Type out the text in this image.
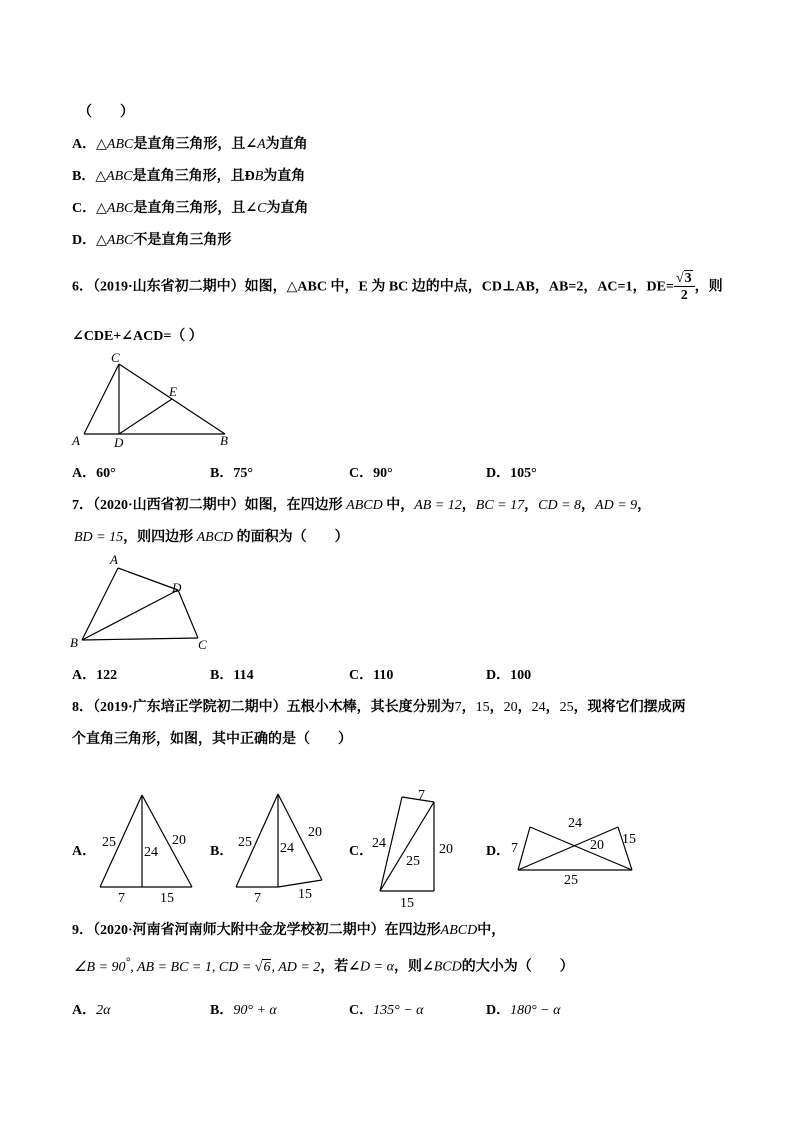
（　　）
A．△ABC是直角三角形，且∠A为直角
B．△ABC是直角三角形，且ÐB为直角
C．△ABC是直角三角形，且∠C为直角
D．△ABC不是直角三角形
6．（2019·山东省初二期中）如图，△ABC 中，E 为 BC 边的中点，CD⊥AB，AB=2，AC=1，$DE= \frac{√3}{2}$ ，则
∠CDE+∠ACD=（ ）
C
A	D	B
E
A．60°	B．75°	C．90°	D．105°
7．（2020·山西省初二期中）如图，在四边形 ABCD 中，AB = 12，BC = 17，CD = 8，AD = 9，
BD = 15，则四边形 ABCD 的面积为（　　）
A
D
B	C
A．122	B．114	C．110	D．100
8．（2019·广东培正学院初二期中）五根小木棒，其长度分别为7，15，20，24，25，现将它们摆成两
个直角三角形，如图，其中正确的是（　　）
A．	B．	C．	D．
25
24
20
7	15
25 24
20
7	15
7
24
25
20
15
7
24
20 15
25
9．（2020·河南省河南师大附中金龙学校初二期中）在四边形ABCD中，
∠B = 90°, AB = BC = 1, CD = √6, AD = 2，若∠D = α，则∠BCD的大小为（　　）
A．2α	B．90° + α	C．135° − α	D．180° − α
